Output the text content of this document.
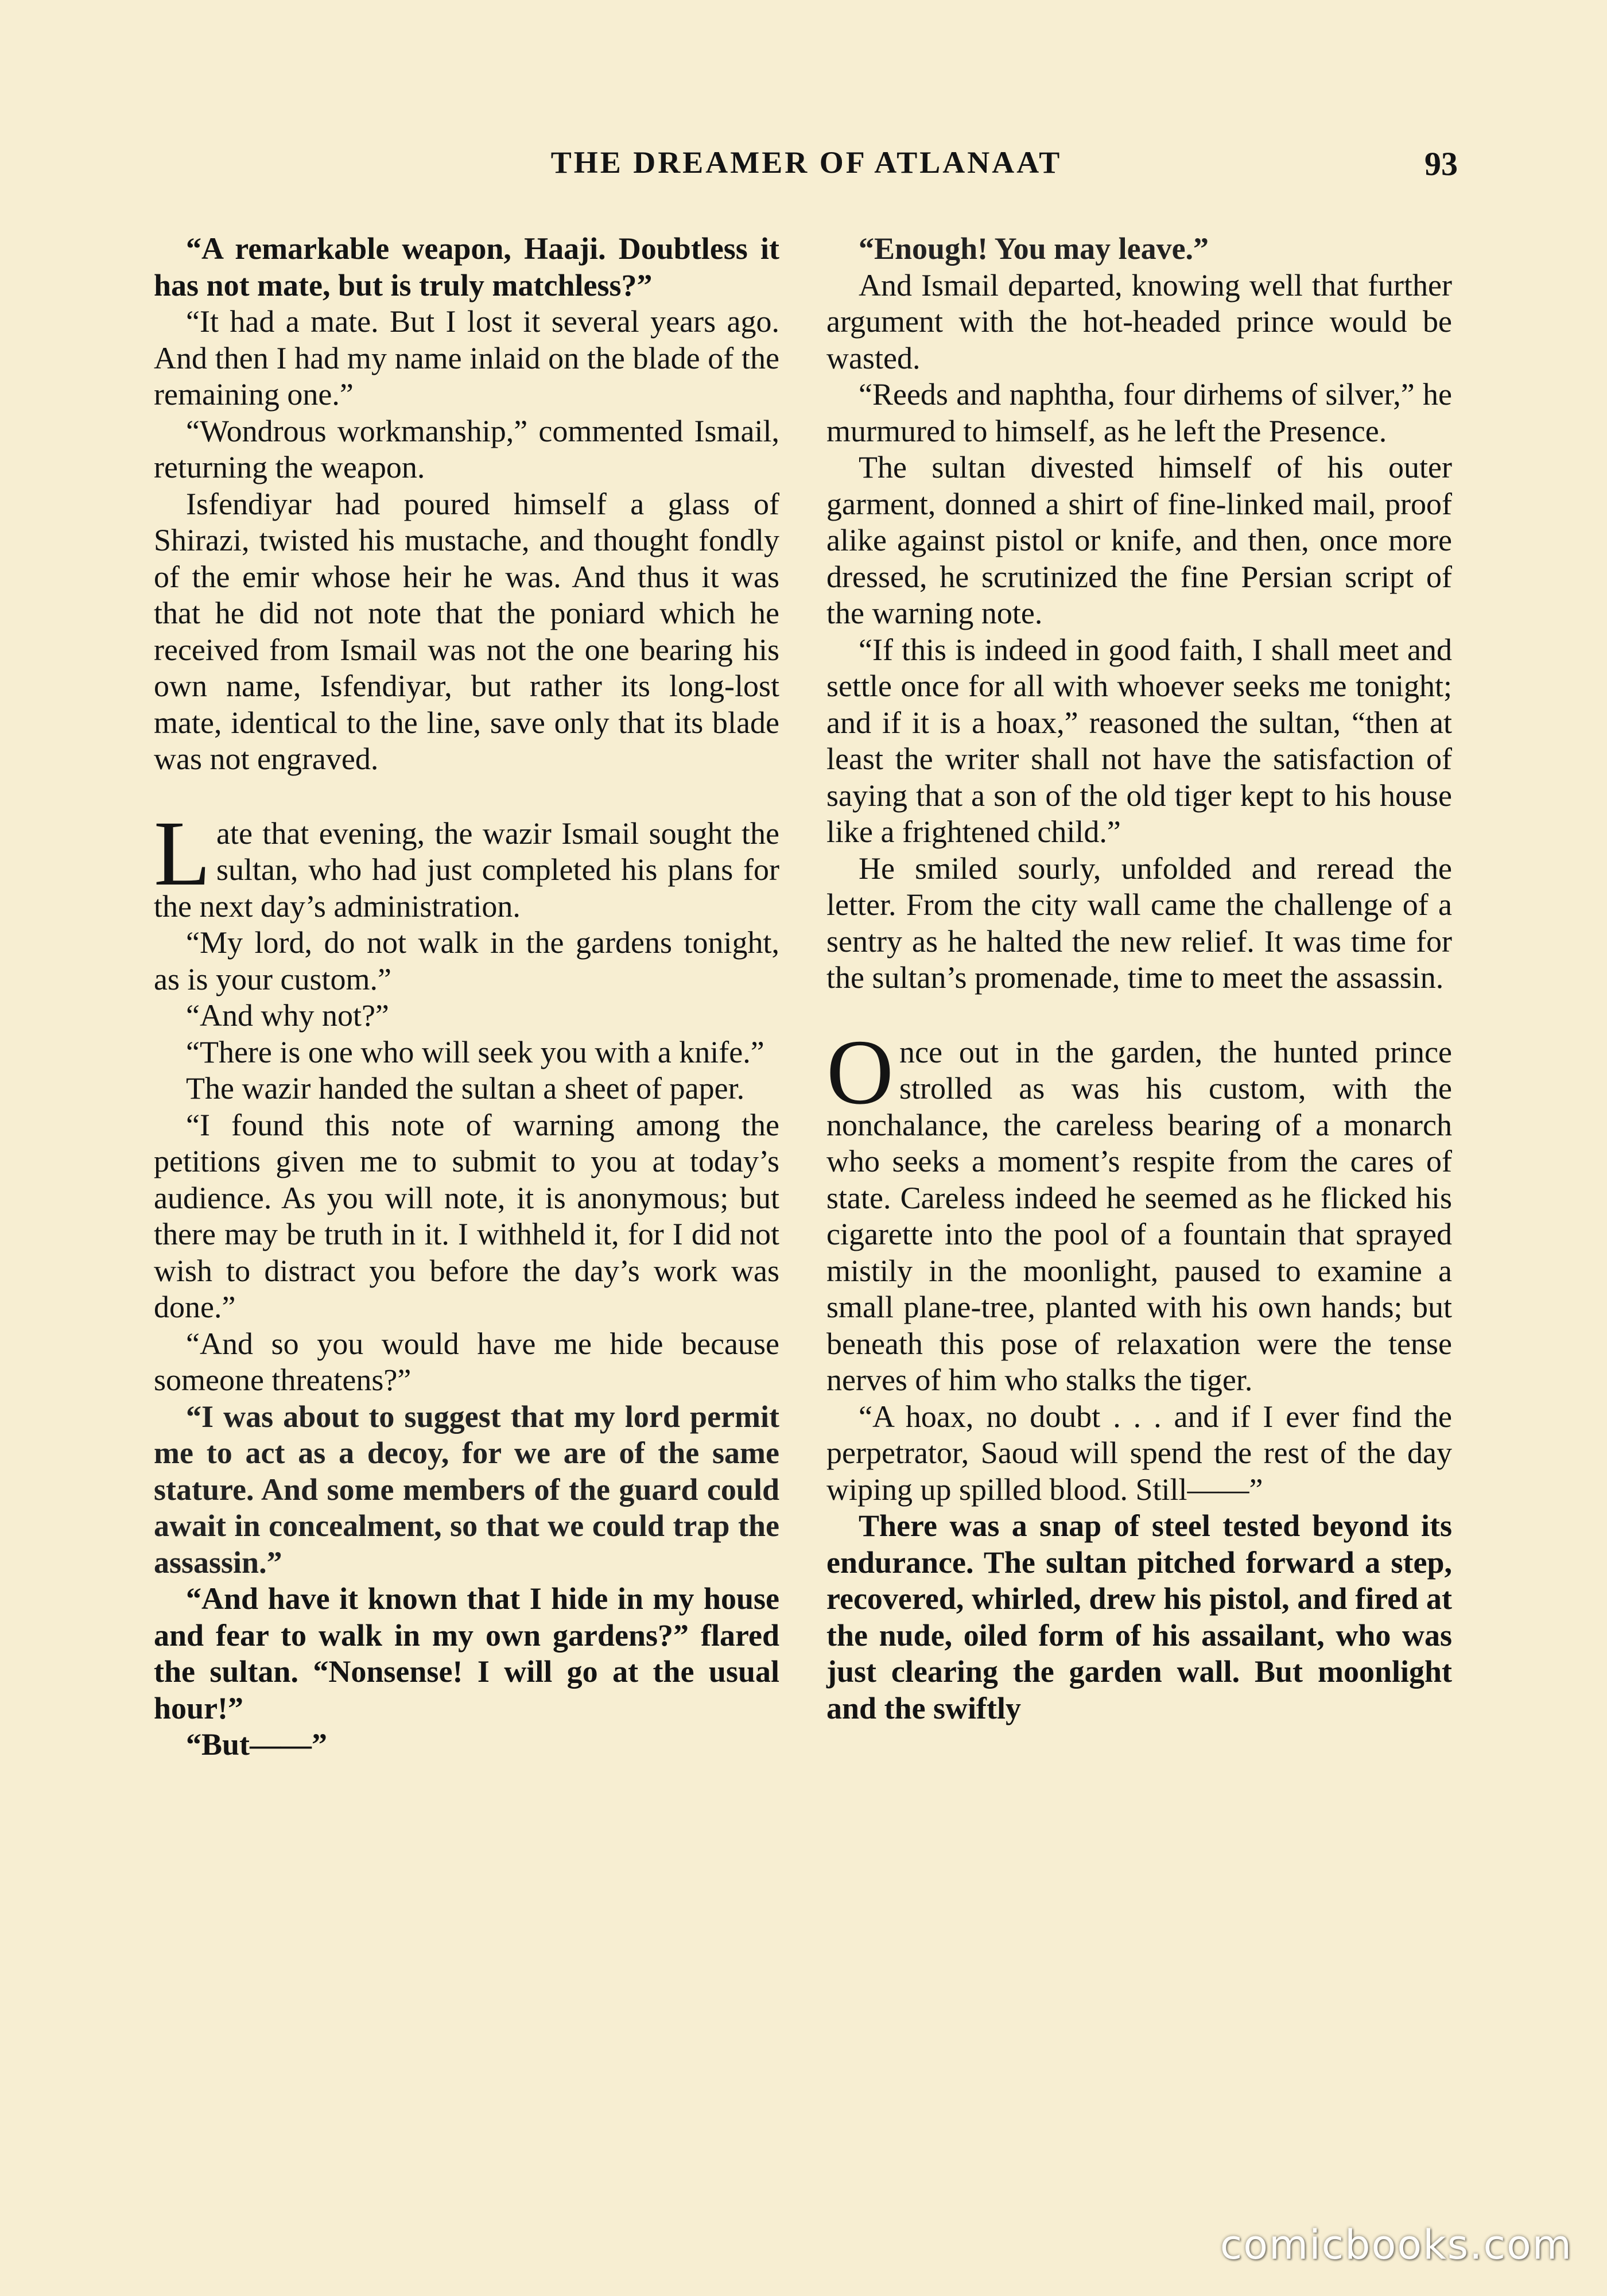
THE DREAMER OF ATLANAAT	93

“A remarkable weapon, Haaji. Doubtless it has not mate, but is truly matchless?”

“It had a mate. But I lost it several years ago. And then I had my name inlaid on the blade of the remaining one.”

“Wondrous workmanship,” commented Ismail, returning the weapon.

Isfendiyar had poured himself a glass of Shirazi, twisted his mustache, and thought fondly of the emir whose heir he was. And thus it was that he did not note that the poniard which he received from Ismail was not the one bearing his own name, Isfendiyar, but rather its long-lost mate, identical to the line, save only that its blade was not engraved.

Late that evening, the wazir Ismail sought the sultan, who had just completed his plans for the next day’s administration.

“My lord, do not walk in the gardens tonight, as is your custom.”

“And why not?”

“There is one who will seek you with a knife.”

The wazir handed the sultan a sheet of paper.

“I found this note of warning among the petitions given me to submit to you at today’s audience. As you will note, it is anonymous; but there may be truth in it. I withheld it, for I did not wish to distract you before the day’s work was done.”

“And so you would have me hide because someone threatens?”

“I was about to suggest that my lord permit me to act as a decoy, for we are of the same stature. And some members of the guard could await in concealment, so that we could trap the assassin.”

“And have it known that I hide in my house and fear to walk in my own gardens?” flared the sultan. “Nonsense! I will go at the usual hour!”

“But——”

“Enough! You may leave.”

And Ismail departed, knowing well that further argument with the hot-headed prince would be wasted.

“Reeds and naphtha, four dirhems of silver,” he murmured to himself, as he left the Presence.

The sultan divested himself of his outer garment, donned a shirt of fine-linked mail, proof alike against pistol or knife, and then, once more dressed, he scrutinized the fine Persian script of the warning note.

“If this is indeed in good faith, I shall meet and settle once for all with whoever seeks me tonight; and if it is a hoax,” reasoned the sultan, “then at least the writer shall not have the satisfaction of saying that a son of the old tiger kept to his house like a frightened child.”

He smiled sourly, unfolded and reread the letter. From the city wall came the challenge of a sentry as he halted the new relief. It was time for the sultan’s promenade, time to meet the assassin.

Once out in the garden, the hunted prince strolled as was his custom, with the nonchalance, the careless bearing of a monarch who seeks a moment’s respite from the cares of state. Careless indeed he seemed as he flicked his cigarette into the pool of a fountain that sprayed mistily in the moonlight, paused to examine a small plane-tree, planted with his own hands; but beneath this pose of relaxation were the tense nerves of him who stalks the tiger.

“A hoax, no doubt . . . and if I ever find the perpetrator, Saoud will spend the rest of the day wiping up spilled blood. Still——”

There was a snap of steel tested beyond its endurance. The sultan pitched forward a step, recovered, whirled, drew his pistol, and fired at the nude, oiled form of his assailant, who was just clearing the garden wall. But moonlight and the swiftly

comicbooks.com
